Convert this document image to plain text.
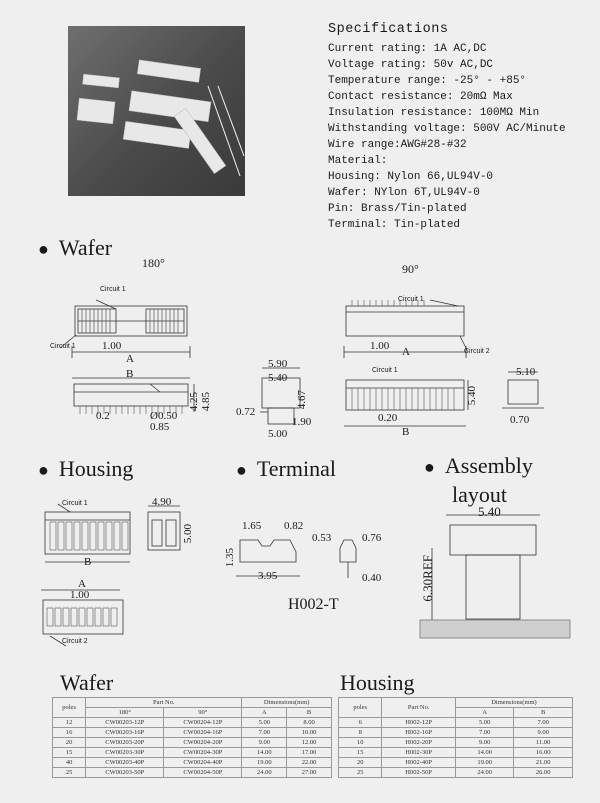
Specifications
Current rating: 1A AC,DC
Voltage rating: 50v AC,DC
Temperature range: -25° - +85°
Contact resistance: 20mΩ Max
Insulation resistance: 100MΩ Min
Withstanding voltage: 500V AC/Minute
Wire range:AWG#28-#32
Material:
Housing: Nylon 66,UL94V-0
Wafer: NYlon 6T,UL94V-0
Pin: Brass/Tin-plated
Terminal: Tin-plated
● Wafer
180°	90°
● Housing	● Terminal	● Assembly
layout
Circuit 1
Circuit 1 1.00
A
B
0.2	Ø0.50
0.85
4.25 4.85
5.90
5.40
0.72
4.67
1.90
5.00
Circuit 1
Circuit 2
1.00 A
Circuit 1
5.40
0.20
B
5.10
0.70
Circuit 1
B
4.90
5.00
A
1.00
Circuit 2
1.65 0.82
0.53
1.35
3.95
0.76
0.40
H002-T
5.40
6.30REF
Wafer	Housing
poles	Part No.		Dimensions(mm)	
	180°	90°	A	B
12	CW00203-12P	CW00204-12P	5.00	8.00
16	CW00203-16P	CW00204-16P	7.00	10.00
20	CW00203-20P	CW00204-20P	9.00	12.00
15	CW00203-30P	CW00204-30P	14.00	17.00
40	CW00203-40P	CW00204-40P	19.00	22.00
25	CW00203-50P	CW00204-50P	24.00	27.00
poles	Part No.	Dimensions(mm)	
		A	B
6	H002-12P	5.00	7.00
8	H002-16P	7.00	9.00
10	H002-20P	9.00	11.00
15	H002-30P	14.00	16.00
20	H002-40P	19.00	21.00
25	H002-50P	24.00	26.00
